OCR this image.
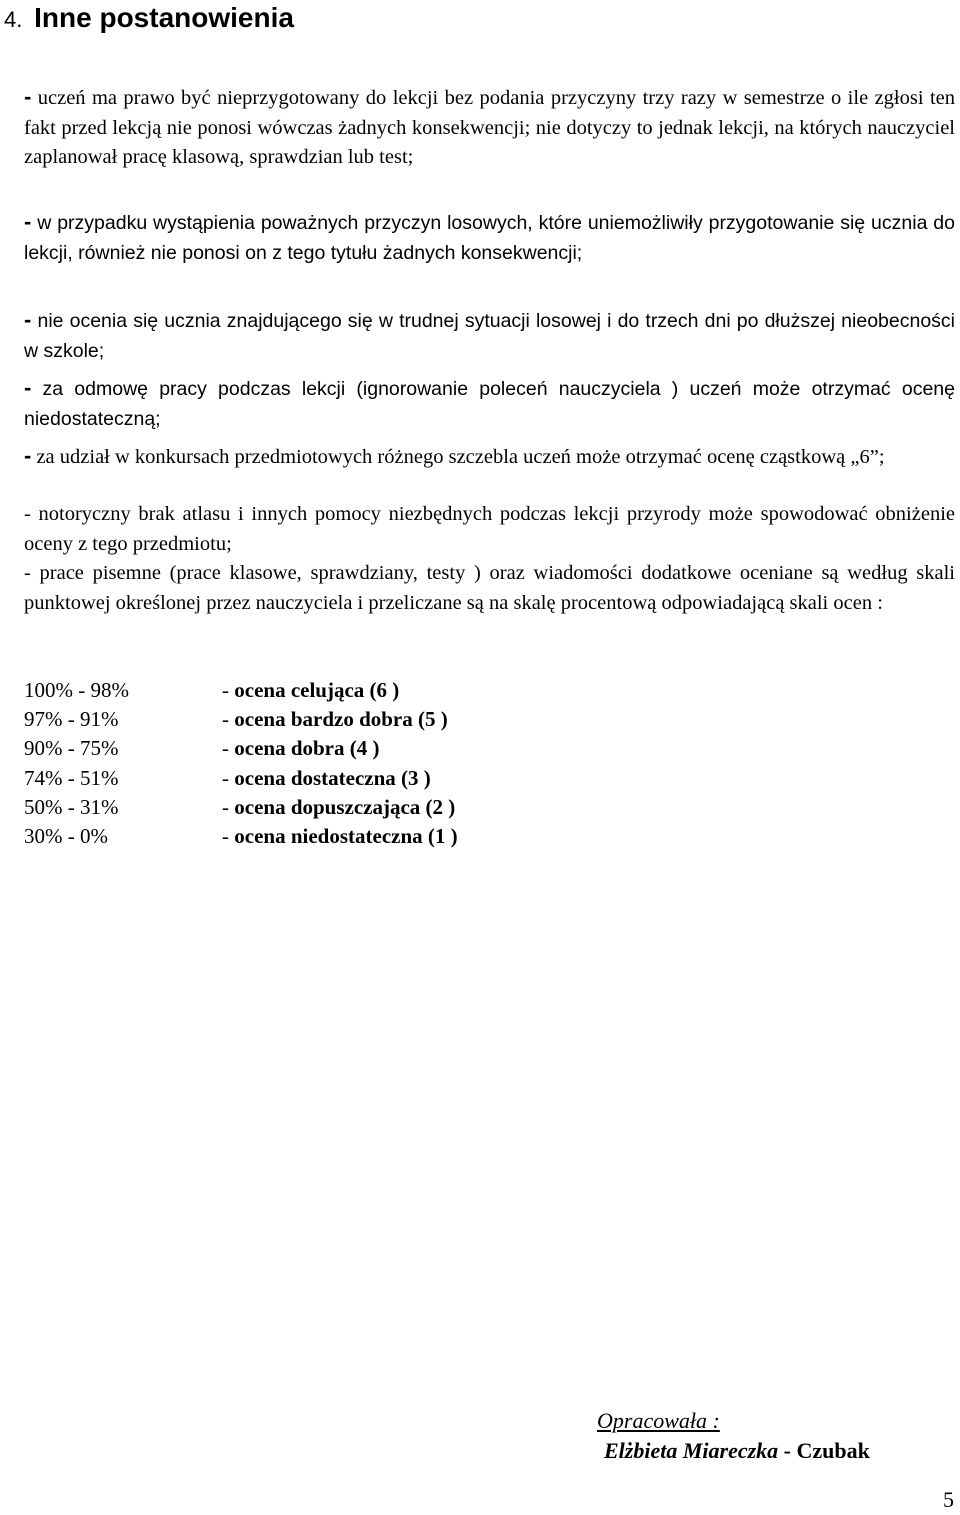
4. Inne postanowienia
- uczeń ma prawo być nieprzygotowany do lekcji bez podania przyczyny trzy razy w semestrze o ile zgłosi ten fakt przed lekcją nie ponosi wówczas żadnych konsekwencji; nie dotyczy to jednak lekcji, na których nauczyciel zaplanował pracę klasową, sprawdzian lub test;
- w przypadku wystąpienia poważnych przyczyn losowych, które uniemożliwiły przygotowanie się ucznia do lekcji, również nie ponosi on z tego tytułu żadnych konsekwencji;
- nie ocenia się ucznia znajdującego się w trudnej sytuacji losowej i do trzech dni po dłuższej nieobecności w szkole;
- za odmowę pracy podczas lekcji (ignorowanie poleceń nauczyciela ) uczeń może otrzymać ocenę niedostateczną;
- za udział w konkursach przedmiotowych różnego szczebla uczeń może otrzymać ocenę cząstkową „6”;
- notoryczny brak atlasu i innych pomocy niezbędnych podczas lekcji przyrody może spowodować obniżenie oceny z tego przedmiotu;
- prace pisemne (prace klasowe, sprawdziany, testy ) oraz wiadomości dodatkowe oceniane są według skali punktowej określonej przez nauczyciela i przeliczane są na skalę procentową odpowiadającą skali ocen :
100% - 98%	- ocena celująca (6 )
97% - 91%	- ocena bardzo dobra (5 )
90% - 75%	- ocena dobra (4 )
74% - 51%	- ocena dostateczna (3 )
50% - 31%	- ocena dopuszczająca (2 )
30% - 0%	- ocena niedostateczna (1 )
Opracowała :
Elżbieta Miareczka - Czubak
5
